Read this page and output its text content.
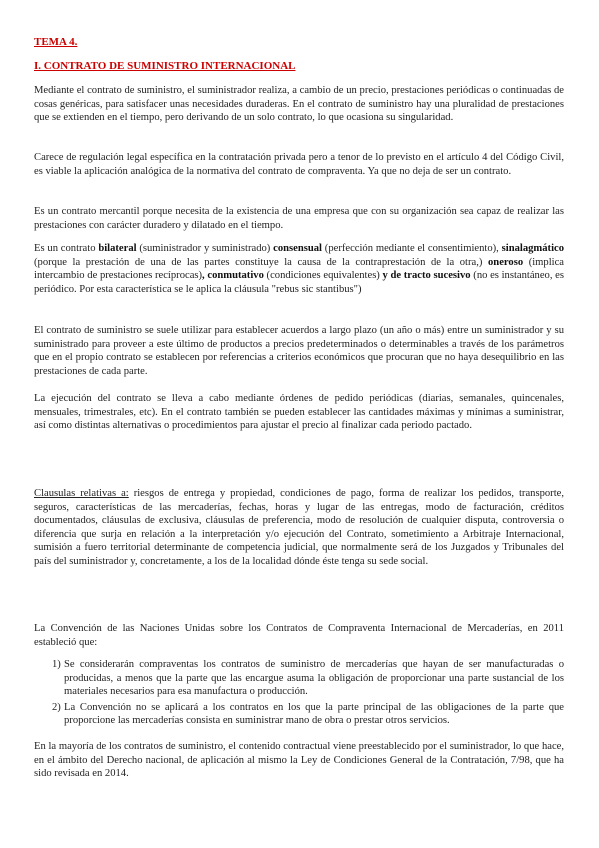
TEMA 4.
I. CONTRATO DE SUMINISTRO INTERNACIONAL

Mediante el contrato de suministro, el suministrador realiza, a cambio de un precio, prestaciones periódicas o continuadas de cosas genéricas, para satisfacer unas necesidades duraderas. En el contrato de suministro hay una pluralidad de prestaciones que se extienden en el tiempo, pero derivando de un solo contrato, lo que ocasiona su singularidad.

Carece de regulación legal específica en la contratación privada pero a tenor de lo previsto en el artículo 4 del Código Civil, es viable la aplicación analógica de la normativa del contrato de compraventa. Ya que no deja de ser un contrato.

Es un contrato mercantil porque necesita de la existencia de una empresa que con su organización sea capaz de realizar las prestaciones con carácter duradero y dilatado en el tiempo.

Es un contrato bilateral (suministrador y suministrado) consensual (perfección mediante el consentimiento), sinalagmático (porque la prestación de una de las partes constituye la causa de la contraprestación de la otra,) oneroso (implica intercambio de prestaciones recíprocas), conmutativo (condiciones equivalentes) y de tracto sucesivo (no es instantáneo, es periódico. Por esta característica se le aplica la cláusula "rebus sic stantibus")

El contrato de suministro se suele utilizar para establecer acuerdos a largo plazo (un año o más) entre un suministrador y su suministrado para proveer a este último de productos a precios predeterminados o determinables a través de los parámetros que en el propio contrato se establecen por referencias a criterios económicos que procuran que no haya desequilibrio en las prestaciones de cada parte.

La ejecución del contrato se lleva a cabo mediante órdenes de pedido periódicas (diarias, semanales, quincenales, mensuales, trimestrales, etc). En el contrato también se pueden establecer las cantidades máximas y mínimas a suministrar, así como distintas alternativas o procedimientos para ajustar el precio al finalizar cada periodo pactado.

Clausulas relativas a: riesgos de entrega y propiedad, condiciones de pago, forma de realizar los pedidos, transporte, seguros, características de las mercaderías, fechas, horas y lugar de las entregas, modo de facturación, créditos documentados, cláusulas de exclusiva, cláusulas de preferencia, modo de resolución de cualquier disputa, controversia o diferencia que surja en relación a la interpretación y/o ejecución del Contrato, sometimiento a Arbitraje Internacional, sumisión a fuero territorial determinante de competencia judicial, que normalmente será de los Juzgados y Tribunales del país del suministrador y, concretamente, a los de la localidad dónde éste tenga su sede social.

La Convención de las Naciones Unidas sobre los Contratos de Compraventa Internacional de Mercaderías, en 2011 estableció que:

1) Se considerarán compraventas los contratos de suministro de mercaderías que hayan de ser manufacturadas o producidas, a menos que la parte que las encargue asuma la obligación de proporcionar una parte sustancial de los materiales necesarios para esa manufactura o producción.
2) La Convención no se aplicará a los contratos en los que la parte principal de las obligaciones de la parte que proporcione las mercaderías consista en suministrar mano de obra o prestar otros servicios.

En la mayoría de los contratos de suministro, el contenido contractual viene preestablecido por el suministrador, lo que hace, en el ámbito del Derecho nacional, de aplicación al mismo la Ley de Condiciones General de la Contratación, 7/98, que ha sido revisada en 2014.
